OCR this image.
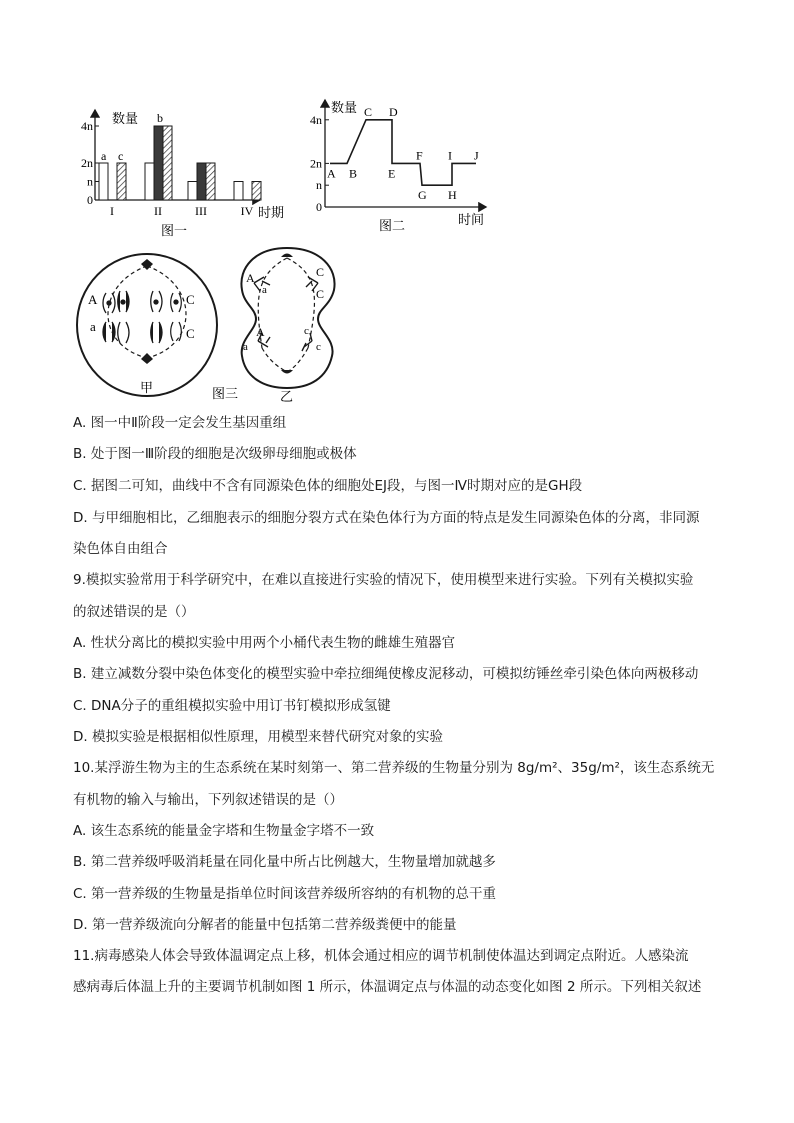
数量
时期
图一
4n
2n
n
0
I	II	III	IV
a
b
c
数量
时间
图二
4n
2n
n
0
A B
C D
E
F
G H
I J
A
a
C
C
甲	图三
A
a
C
C
A
a
c
c
乙
A. 图一中Ⅱ阶段一定会发生基因重组
B. 处于图一Ⅲ阶段的细胞是次级卵母细胞或极体
C. 据图二可知，曲线中不含有同源染色体的细胞处EJ段，与图一Ⅳ时期对应的是GH段
D. 与甲细胞相比，乙细胞表示的细胞分裂方式在染色体行为方面的特点是发生同源染色体的分离，非同源
染色体自由组合
9.模拟实验常用于科学研究中，在难以直接进行实验的情况下，使用模型来进行实验。下列有关模拟实验
的叙述错误的是（）
A. 性状分离比的模拟实验中用两个小桶代表生物的雌雄生殖器官
B. 建立减数分裂中染色体变化的模型实验中牵拉细绳使橡皮泥移动，可模拟纺锤丝牵引染色体向两极移动
C. DNA分子的重组模拟实验中用订书钉模拟形成氢键
D. 模拟实验是根据相似性原理，用模型来替代研究对象的实验
10.某浮游生物为主的生态系统在某时刻第一、第二营养级的生物量分别为 8g/m²、35g/m²，该生态系统无
有机物的输入与输出，下列叙述错误的是（）
A. 该生态系统的能量金字塔和生物量金字塔不一致
B. 第二营养级呼吸消耗量在同化量中所占比例越大，生物量增加就越多
C. 第一营养级的生物量是指单位时间该营养级所容纳的有机物的总干重
D. 第一营养级流向分解者的能量中包括第二营养级粪便中的能量
11.病毒感染人体会导致体温调定点上移，机体会通过相应的调节机制使体温达到调定点附近。人感染流
感病毒后体温上升的主要调节机制如图 1 所示，体温调定点与体温的动态变化如图 2 所示。下列相关叙述
